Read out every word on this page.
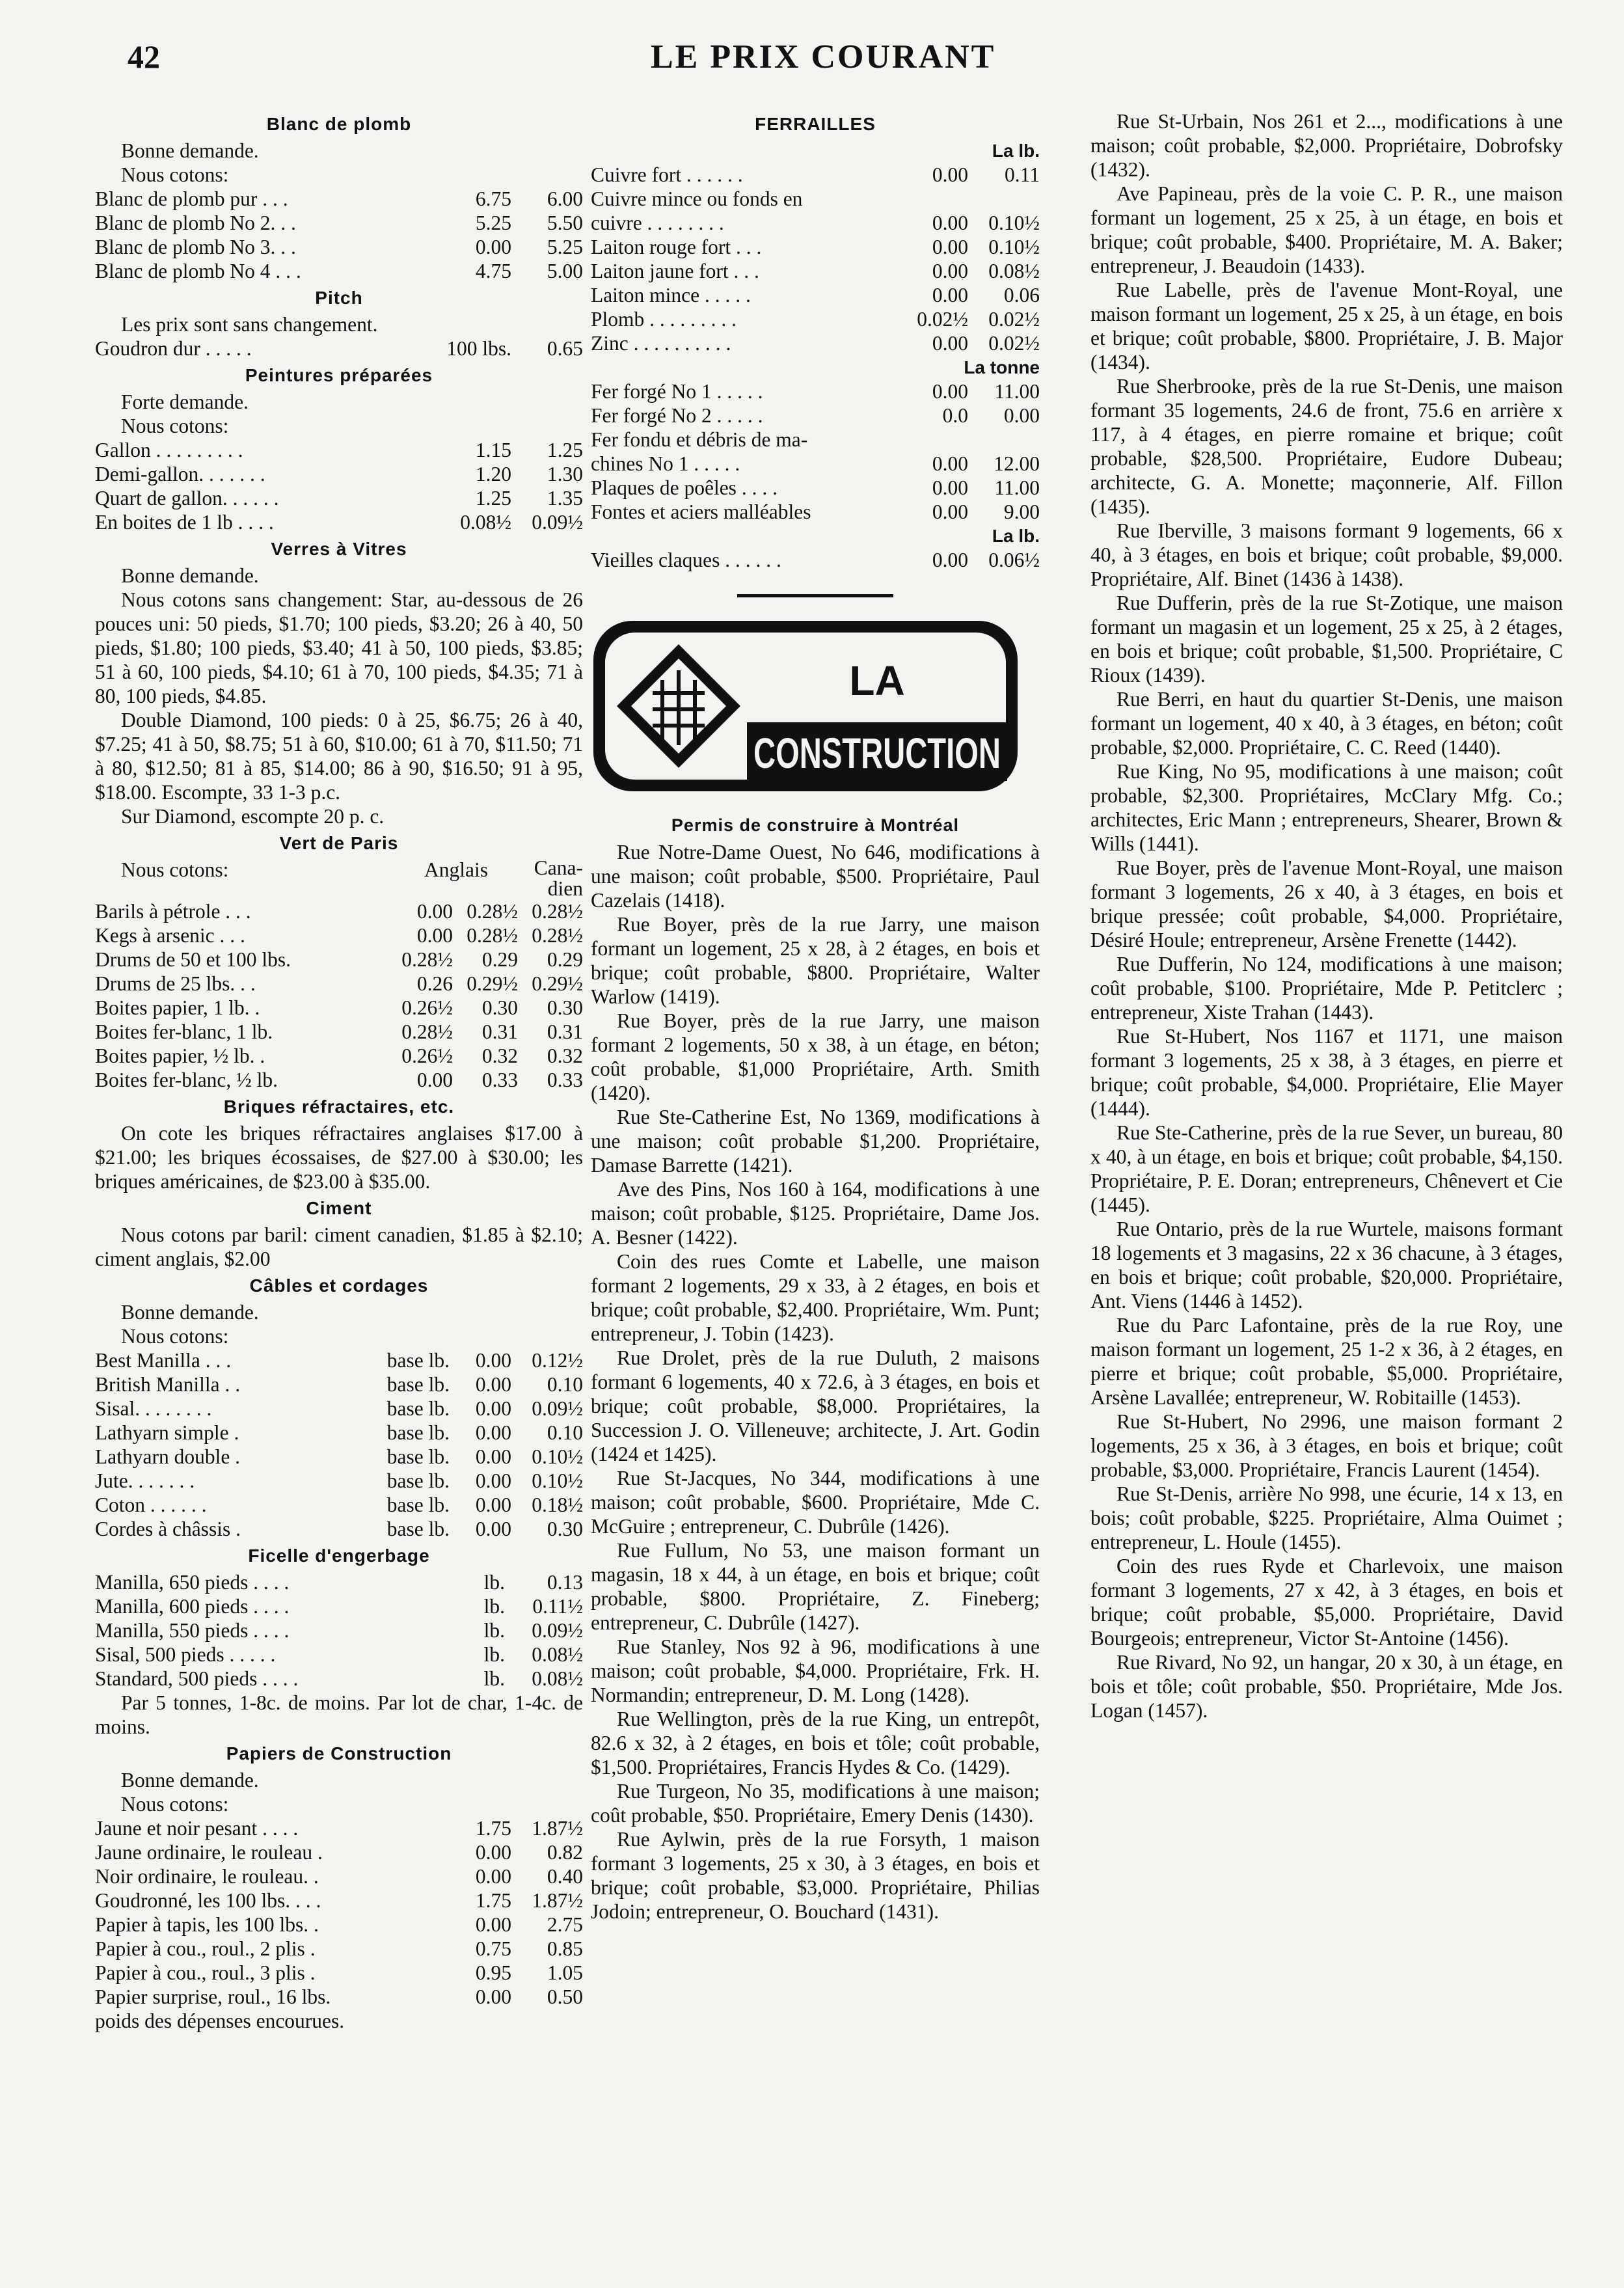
42	LE PRIX COURANT
Blanc de plomb
Bonne demande.
Nous cotons:
Blanc de plomb pur . . .	6.75	6.00
Blanc de plomb No 2. . .	5.25	5.50
Blanc de plomb No 3. . .	0.00	5.25
Blanc de plomb No 4 . . .	4.75	5.00
Pitch
Les prix sont sans changement.
Goudron dur . . . . .	100 lbs.	0.65
Peintures préparées
Forte demande.
Nous cotons:
Gallon . . . . . . . . .	1.15	1.25
Demi-gallon. . . . . . .	1.20	1.30
Quart de gallon. . . . . .	1.25	1.35
En boites de 1 lb . . . .	0.08½ 0.09½
Verres à Vitres
Bonne demande.
Nous cotons sans changement: Star, au-dessous de 26 pouces uni: 50 pieds, $1.70; 100 pieds, $3.20; 26 à 40, 50 pieds, $1.80; 100 pieds, $3.40; 41 à 50, 100 pieds, $3.85; 51 à 60, 100 pieds, $4.10; 61 à 70, 100 pieds, $4.35; 71 à 80, 100 pieds, $4.85.
Double Diamond, 100 pieds: 0 à 25, $6.75; 26 à 40, $7.25; 41 à 50, $8.75; 51 à 60, $10.00; 61 à 70, $11.50; 71 à 80, $12.50; 81 à 85, $14.00; 86 à 90, $16.50; 91 à 95, $18.00. Escompte, 33 1-3 p.c.
Sur Diamond, escompte 20 p. c.
Vert de Paris
Nous cotons:	Anglais	Cana-dien
Barils à pétrole . . .	0.00 0.28½ 0.28½
Kegs à arsenic . . .	0.00 0.28½ 0.28½
Drums de 50 et 100 lbs.	0.28½	0.29	0.29
Drums de 25 lbs. . .	0.26 0.29½ 0.29½
Boites papier, 1 lb. .	0.26½	0.30	0.30
Boites fer-blanc, 1 lb.	0.28½	0.31	0.31
Boites papier, ½ lb. .	0.26½	0.32	0.32
Boites fer-blanc, ½ lb.	0.00	0.33	0.33
Briques réfractaires, etc.
On cote les briques réfractaires anglaises $17.00 à $21.00; les briques écossaises, de $27.00 à $30.00; les briques américaines, de $23.00 à $35.00.
Ciment
Nous cotons par baril: ciment canadien, $1.85 à $2.10; ciment anglais, $2.00
Câbles et cordages
Bonne demande.
Nous cotons:
Best Manilla . . .	base lb.	0.00 0.12½
British Manilla . .	base lb.	0.00	0.10
Sisal. . . . . . . .	base lb.	0.00 0.09½
Lathyarn simple .	base lb.	0.00	0.10
Lathyarn double .	base lb.	0.00 0.10½
Jute. . . . . . .	base lb.	0.00 0.10½
Coton . . . . . .	base lb.	0.00 0.18½
Cordes à châssis .	base lb.	0.00	0.30
Ficelle d'engerbage
Manilla, 650 pieds . . . .	lb.	0.13
Manilla, 600 pieds . . . .	lb.	0.11½
Manilla, 550 pieds . . . .	lb.	0.09½
Sisal, 500 pieds . . . . .	lb.	0.08½
Standard, 500 pieds . . . .	lb.	0.08½
Par 5 tonnes, 1-8c. de moins. Par lot de char, 1-4c. de moins.
Papiers de Construction
Bonne demande.
Nous cotons:
Jaune et noir pesant . . . .	1.75 1.87½
Jaune ordinaire, le rouleau .	0.00	0.82
Noir ordinaire, le rouleau. .	0.00	0.40
Goudronné, les 100 lbs. . . .	1.75 1.87½
Papier à tapis, les 100 lbs. .	0.00	2.75
Papier à cou., roul., 2 plis .	0.75	0.85
Papier à cou., roul., 3 plis .	0.95	1.05
Papier surprise, roul., 16 lbs.	0.00	0.50
poids des dépenses encourues.
FERRAILLES
La lb.
Cuivre fort . . . . . .	0.00	0.11
Cuivre mince ou fonds en
cuivre . . . . . . . .	0.00 0.10½
Laiton rouge fort . . .	0.00 0.10½
Laiton jaune fort . . .	0.00 0.08½
Laiton mince . . . . .	0.00	0.06
Plomb . . . . . . . . .	0.02½ 0.02½
Zinc . . . . . . . . . .	0.00 0.02½
La tonne
Fer forgé No 1 . . . . .	0.00	11.00
Fer forgé No 2 . . . . .	0.0	0.00
Fer fondu et débris de ma-
chines No 1 . . . . .	0.00	12.00
Plaques de poêles . . . .	0.00	11.00
Fontes et aciers malléables	0.00	9.00
La lb.
Vieilles claques . . . . . .	0.00 0.06½
LA
CONSTRUCTION
Permis de construire à Montréal
Rue Notre-Dame Ouest, No 646, modifications à une maison; coût probable, $500. Propriétaire, Paul Cazelais (1418).
Rue Boyer, près de la rue Jarry, une maison formant un logement, 25 x 28, à 2 étages, en bois et brique; coût probable, $800. Propriétaire, Walter Warlow (1419).
Rue Boyer, près de la rue Jarry, une maison formant 2 logements, 50 x 38, à un étage, en béton; coût probable, $1,000 Propriétaire, Arth. Smith (1420).
Rue Ste-Catherine Est, No 1369, modifications à une maison; coût probable $1,200. Propriétaire, Damase Barrette (1421).
Ave des Pins, Nos 160 à 164, modifications à une maison; coût probable, $125. Propriétaire, Dame Jos. A. Besner (1422).
Coin des rues Comte et Labelle, une maison formant 2 logements, 29 x 33, à 2 étages, en bois et brique; coût probable, $2,400. Propriétaire, Wm. Punt; entrepreneur, J. Tobin (1423).
Rue Drolet, près de la rue Duluth, 2 maisons formant 6 logements, 40 x 72.6, à 3 étages, en bois et brique; coût probable, $8,000. Propriétaires, la Succession J. O. Villeneuve; architecte, J. Art. Godin (1424 et 1425).
Rue St-Jacques, No 344, modifications à une maison; coût probable, $600. Propriétaire, Mde C. McGuire ; entrepreneur, C. Dubrûle (1426).
Rue Fullum, No 53, une maison formant un magasin, 18 x 44, à un étage, en bois et brique; coût probable, $800. Propriétaire, Z. Fineberg; entrepreneur, C. Dubrûle (1427).
Rue Stanley, Nos 92 à 96, modifications à une maison; coût probable, $4,000. Propriétaire, Frk. H. Normandin; entrepreneur, D. M. Long (1428).
Rue Wellington, près de la rue King, un entrepôt, 82.6 x 32, à 2 étages, en bois et tôle; coût probable, $1,500. Propriétaires, Francis Hydes & Co. (1429).
Rue Turgeon, No 35, modifications à une maison; coût probable, $50. Propriétaire, Emery Denis (1430).
Rue Aylwin, près de la rue Forsyth, 1 maison formant 3 logements, 25 x 30, à 3 étages, en bois et brique; coût probable, $3,000. Propriétaire, Philias Jodoin; entrepreneur, O. Bouchard (1431).
Rue St-Urbain, Nos 261 et 2..., modifications à une maison; coût probable, $2,000. Propriétaire, Dobrofsky (1432).
Ave Papineau, près de la voie C. P. R., une maison formant un logement, 25 x 25, à un étage, en bois et brique; coût probable, $400. Propriétaire, M. A. Baker; entrepreneur, J. Beaudoin (1433).
Rue Labelle, près de l'avenue Mont-Royal, une maison formant un logement, 25 x 25, à un étage, en bois et brique; coût probable, $800. Propriétaire, J. B. Major (1434).
Rue Sherbrooke, près de la rue St-Denis, une maison formant 35 logements, 24.6 de front, 75.6 en arrière x 117, à 4 étages, en pierre romaine et brique; coût probable, $28,500. Propriétaire, Eudore Dubeau; architecte, G. A. Monette; maçonnerie, Alf. Fillon (1435).
Rue Iberville, 3 maisons formant 9 logements, 66 x 40, à 3 étages, en bois et brique; coût probable, $9,000. Propriétaire, Alf. Binet (1436 à 1438).
Rue Dufferin, près de la rue St-Zotique, une maison formant un magasin et un logement, 25 x 25, à 2 étages, en bois et brique; coût probable, $1,500. Propriétaire, C Rioux (1439).
Rue Berri, en haut du quartier St-Denis, une maison formant un logement, 40 x 40, à 3 étages, en béton; coût probable, $2,000. Propriétaire, C. C. Reed (1440).
Rue King, No 95, modifications à une maison; coût probable, $2,300. Propriétaires, McClary Mfg. Co.; architectes, Eric Mann ; entrepreneurs, Shearer, Brown & Wills (1441).
Rue Boyer, près de l'avenue Mont-Royal, une maison formant 3 logements, 26 x 40, à 3 étages, en bois et brique pressée; coût probable, $4,000. Propriétaire, Désiré Houle; entrepreneur, Arsène Frenette (1442).
Rue Dufferin, No 124, modifications à une maison; coût probable, $100. Propriétaire, Mde P. Petitclerc ; entrepreneur, Xiste Trahan (1443).
Rue St-Hubert, Nos 1167 et 1171, une maison formant 3 logements, 25 x 38, à 3 étages, en pierre et brique; coût probable, $4,000. Propriétaire, Elie Mayer (1444).
Rue Ste-Catherine, près de la rue Sever, un bureau, 80 x 40, à un étage, en bois et brique; coût probable, $4,150. Propriétaire, P. E. Doran; entrepreneurs, Chênevert et Cie (1445).
Rue Ontario, près de la rue Wurtele, maisons formant 18 logements et 3 magasins, 22 x 36 chacune, à 3 étages, en bois et brique; coût probable, $20,000. Propriétaire, Ant. Viens (1446 à 1452).
Rue du Parc Lafontaine, près de la rue Roy, une maison formant un logement, 25 1-2 x 36, à 2 étages, en pierre et brique; coût probable, $5,000. Propriétaire, Arsène Lavallée; entrepreneur, W. Robitaille (1453).
Rue St-Hubert, No 2996, une maison formant 2 logements, 25 x 36, à 3 étages, en bois et brique; coût probable, $3,000. Propriétaire, Francis Laurent (1454).
Rue St-Denis, arrière No 998, une écurie, 14 x 13, en bois; coût probable, $225. Propriétaire, Alma Ouimet ; entrepreneur, L. Houle (1455).
Coin des rues Ryde et Charlevoix, une maison formant 3 logements, 27 x 42, à 3 étages, en bois et brique; coût probable, $5,000. Propriétaire, David Bourgeois; entrepreneur, Victor St-Antoine (1456).
Rue Rivard, No 92, un hangar, 20 x 30, à un étage, en bois et tôle; coût probable, $50. Propriétaire, Mde Jos. Logan (1457).
